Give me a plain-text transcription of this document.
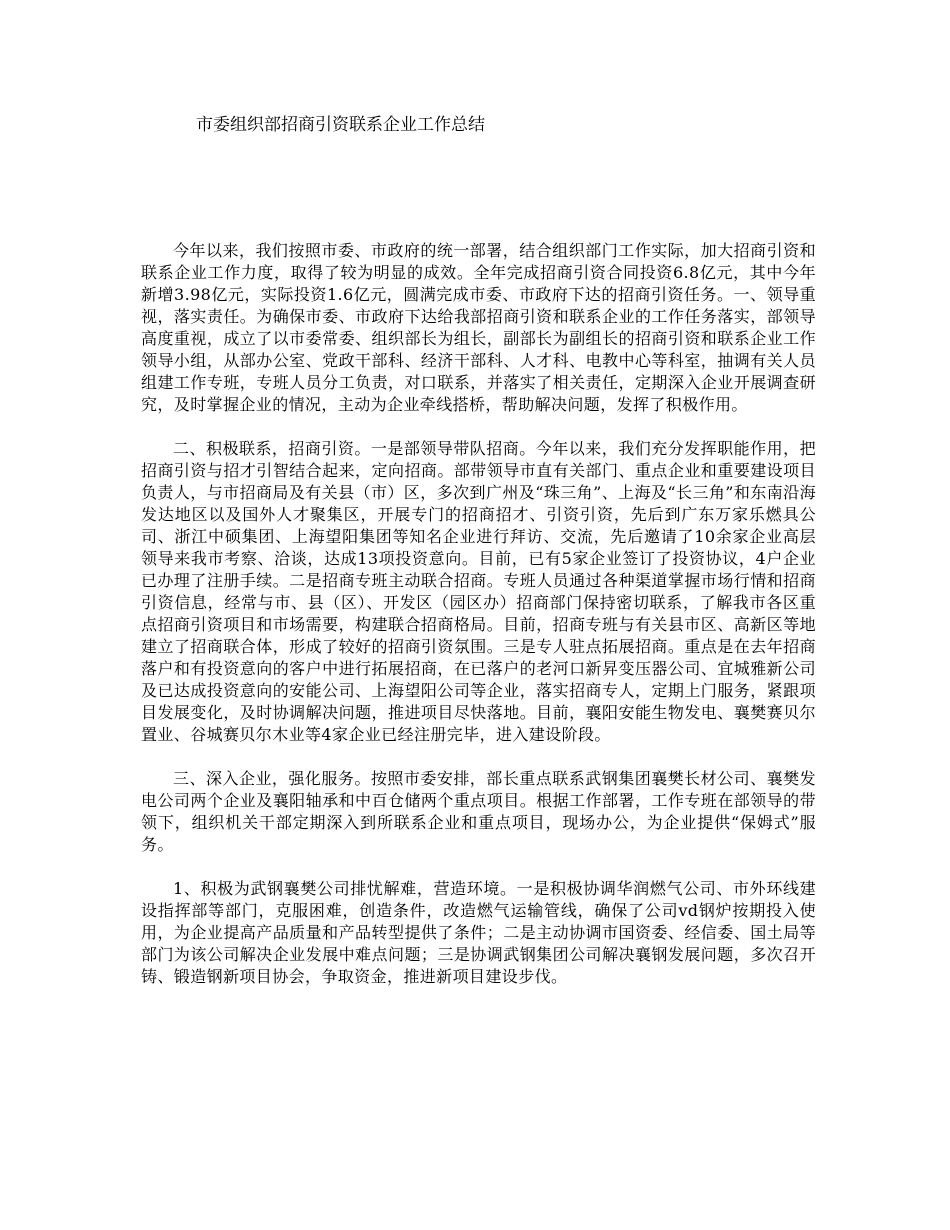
市委组织部招商引资联系企业工作总结

今年以来，我们按照市委、市政府的统一部署，结合组织部门工作实际，加大招商引资和联系企业工作力度，取得了较为明显的成效。全年完成招商引资合同投资6.8亿元，其中今年新增3.98亿元，实际投资1.6亿元，圆满完成市委、市政府下达的招商引资任务。一、领导重视，落实责任。为确保市委、市政府下达给我部招商引资和联系企业的工作任务落实，部领导高度重视，成立了以市委常委、组织部长为组长，副部长为副组长的招商引资和联系企业工作领导小组，从部办公室、党政干部科、经济干部科、人才科、电教中心等科室，抽调有关人员组建工作专班，专班人员分工负责，对口联系，并落实了相关责任，定期深入企业开展调查研究，及时掌握企业的情况，主动为企业牵线搭桥，帮助解决问题，发挥了积极作用。

二、积极联系，招商引资。一是部领导带队招商。今年以来，我们充分发挥职能作用，把招商引资与招才引智结合起来，定向招商。部带领导市直有关部门、重点企业和重要建设项目负责人，与市招商局及有关县（市）区，多次到广州及“珠三角”、上海及“长三角”和东南沿海发达地区以及国外人才聚集区，开展专门的招商招才、引资引资，先后到广东万家乐燃具公司、浙江中硕集团、上海望阳集团等知名企业进行拜访、交流，先后邀请了10余家企业高层领导来我市考察、洽谈，达成13项投资意向。目前，已有5家企业签订了投资协议，4户企业已办理了注册手续。二是招商专班主动联合招商。专班人员通过各种渠道掌握市场行情和招商引资信息，经常与市、县（区）、开发区（园区办）招商部门保持密切联系，了解我市各区重点招商引资项目和市场需要，构建联合招商格局。目前，招商专班与有关县市区、高新区等地建立了招商联合体，形成了较好的招商引资氛围。三是专人驻点拓展招商。重点是在去年招商落户和有投资意向的客户中进行拓展招商，在已落户的老河口新昇变压器公司、宜城雅新公司及已达成投资意向的安能公司、上海望阳公司等企业，落实招商专人，定期上门服务，紧跟项目发展变化，及时协调解决问题，推进项目尽快落地。目前，襄阳安能生物发电、襄樊赛贝尔置业、谷城赛贝尔木业等4家企业已经注册完毕，进入建设阶段。

三、深入企业，强化服务。按照市委安排，部长重点联系武钢集团襄樊长材公司、襄樊发电公司两个企业及襄阳轴承和中百仓储两个重点项目。根据工作部署，工作专班在部领导的带领下，组织机关干部定期深入到所联系企业和重点项目，现场办公，为企业提供“保姆式”服务。

1、积极为武钢襄樊公司排忧解难，营造环境。一是积极协调华润燃气公司、市外环线建设指挥部等部门，克服困难，创造条件，改造燃气运输管线，确保了公司vd钢炉按期投入使用，为企业提高产品质量和产品转型提供了条件；二是主动协调市国资委、经信委、国土局等部门为该公司解决企业发展中难点问题；三是协调武钢集团公司解决襄钢发展问题，多次召开铸、锻造钢新项目协会，争取资金，推进新项目建设步伐。
